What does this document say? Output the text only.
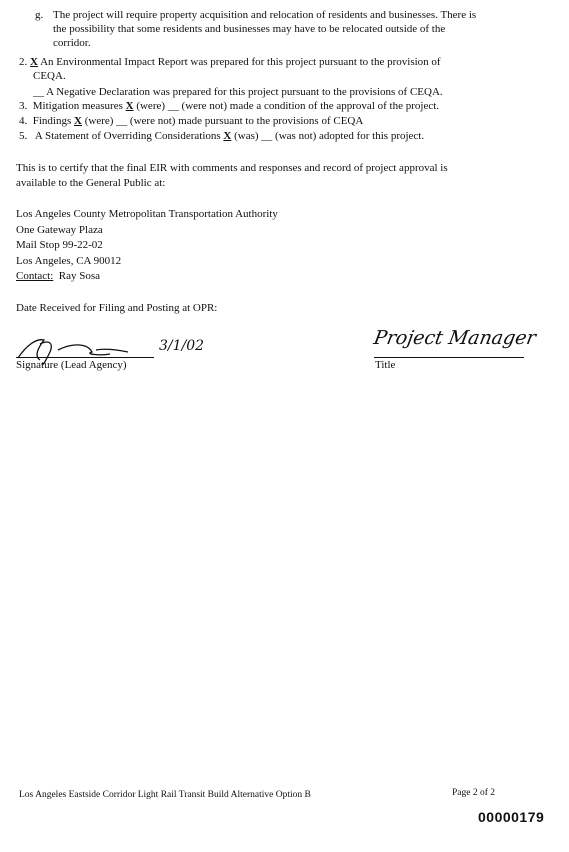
g. The project will require property acquisition and relocation of residents and businesses. There is
the possibility that some residents and businesses may have to be relocated outside of the
corridor.
2. X An Environmental Impact Report was prepared for this project pursuant to the provision of
CEQA.
__ A Negative Declaration was prepared for this project pursuant to the provisions of CEQA.
3. Mitigation measures X (were) __ (were not) made a condition of the approval of the project.
4. Findings X (were) __ (were not) made pursuant to the provisions of CEQA
5. A Statement of Overriding Considerations X (was) __ (was not) adopted for this project.
This is to certify that the final EIR with comments and responses and record of project approval is
available to the General Public at:
Los Angeles County Metropolitan Transportation Authority
One Gateway Plaza
Mail Stop 99-22-02
Los Angeles, CA 90012
Contact: Ray Sosa
Date Received for Filing and Posting at OPR:
3/1/02
Signature (Lead Agency)
Project Manager
Title
Los Angeles Eastside Corridor Light Rail Transit Build Alternative Option B	Page 2 of 2
00000179
